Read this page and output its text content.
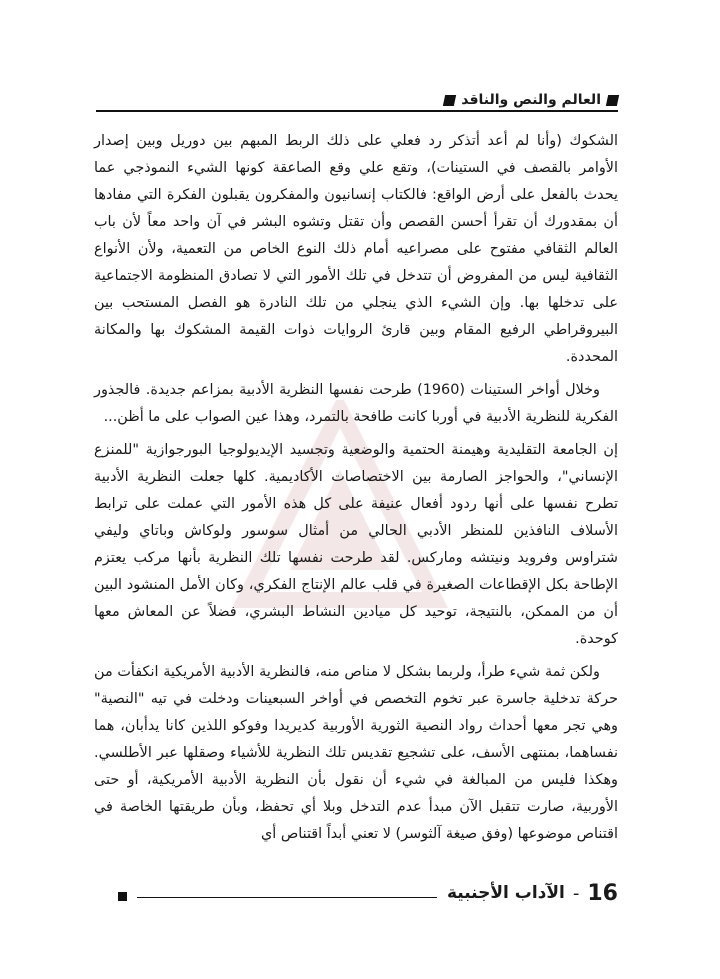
العالم والنص والناقد

الشكوك (وأنا لم أعد أتذكر رد فعلي على ذلك الربط المبهم بين دوريل وبين إصدار الأوامر بالقصف في الستينات)، وتقع علي وقع الصاعقة كونها الشيء النموذجي عما يحدث بالفعل على أرض الواقع: فالكتاب إنسانيون والمفكرون يقبلون الفكرة التي مفادها أن بمقدورك أن تقرأ أحسن القصص وأن تقتل وتشوه البشر في آن واحد معاً لأن باب العالم الثقافي مفتوح على مصراعيه أمام ذلك النوع الخاص من التعمية، ولأن الأنواع الثقافية ليس من المفروض أن تتدخل في تلك الأمور التي لا تصادق المنظومة الاجتماعية على تدخلها بها. وإن الشيء الذي ينجلي من تلك النادرة هو الفصل المستحب بين البيروقراطي الرفيع المقام وبين قارئ الروايات ذوات القيمة المشكوك بها والمكانة المحددة.

وخلال أواخر الستينات (1960) طرحت نفسها النظرية الأدبية بمزاعم جديدة. فالجذور الفكرية للنظرية الأدبية في أوربا كانت طافحة بالتمرد، وهذا عين الصواب على ما أظن...

إن الجامعة التقليدية وهيمنة الحتمية والوضعية وتجسيد الإيديولوجيا البورجوازية "للمنزع الإنساني"، والحواجز الصارمة بين الاختصاصات الأكاديمية. كلها جعلت النظرية الأدبية تطرح نفسها على أنها ردود أفعال عنيفة على كل هذه الأمور التي عملت على ترابط الأسلاف النافذين للمنظر الأدبي الحالي من أمثال سوسور ولوكاش وباتاي وليفي شتراوس وفرويد ونيتشه وماركس. لقد طرحت نفسها تلك النظرية بأنها مركب يعتزم الإطاحة بكل الإقطاعات الصغيرة في قلب عالم الإنتاج الفكري، وكان الأمل المنشود البين أن من الممكن، بالنتيجة، توحيد كل ميادين النشاط البشري، فضلاً عن المعاش معها كوحدة.

ولكن ثمة شيء طرأ، ولربما بشكل لا مناص منه، فالنظرية الأدبية الأمريكية انكفأت من حركة تدخلية جاسرة عبر تخوم التخصص في أواخر السبعينات ودخلت في تيه "النصية" وهي تجر معها أحداث رواد النصية الثورية الأوربية كديريدا وفوكو اللذين كانا يدأبان، هما نفساهما، بمنتهى الأسف، على تشجيع تقديس تلك النظرية للأشياء وصقلها عبر الأطلسي. وهكذا فليس من المبالغة في شيء أن نقول بأن النظرية الأدبية الأمريكية، أو حتى الأوربية، صارت تتقبل الآن مبدأ عدم التدخل وبلا أي تحفظ، وبأن طريقتها الخاصة في اقتناص موضوعها (وفق صيغة آلثوسر) لا تعني أبداً اقتناص أي

16
-
الآداب الأجنبية
